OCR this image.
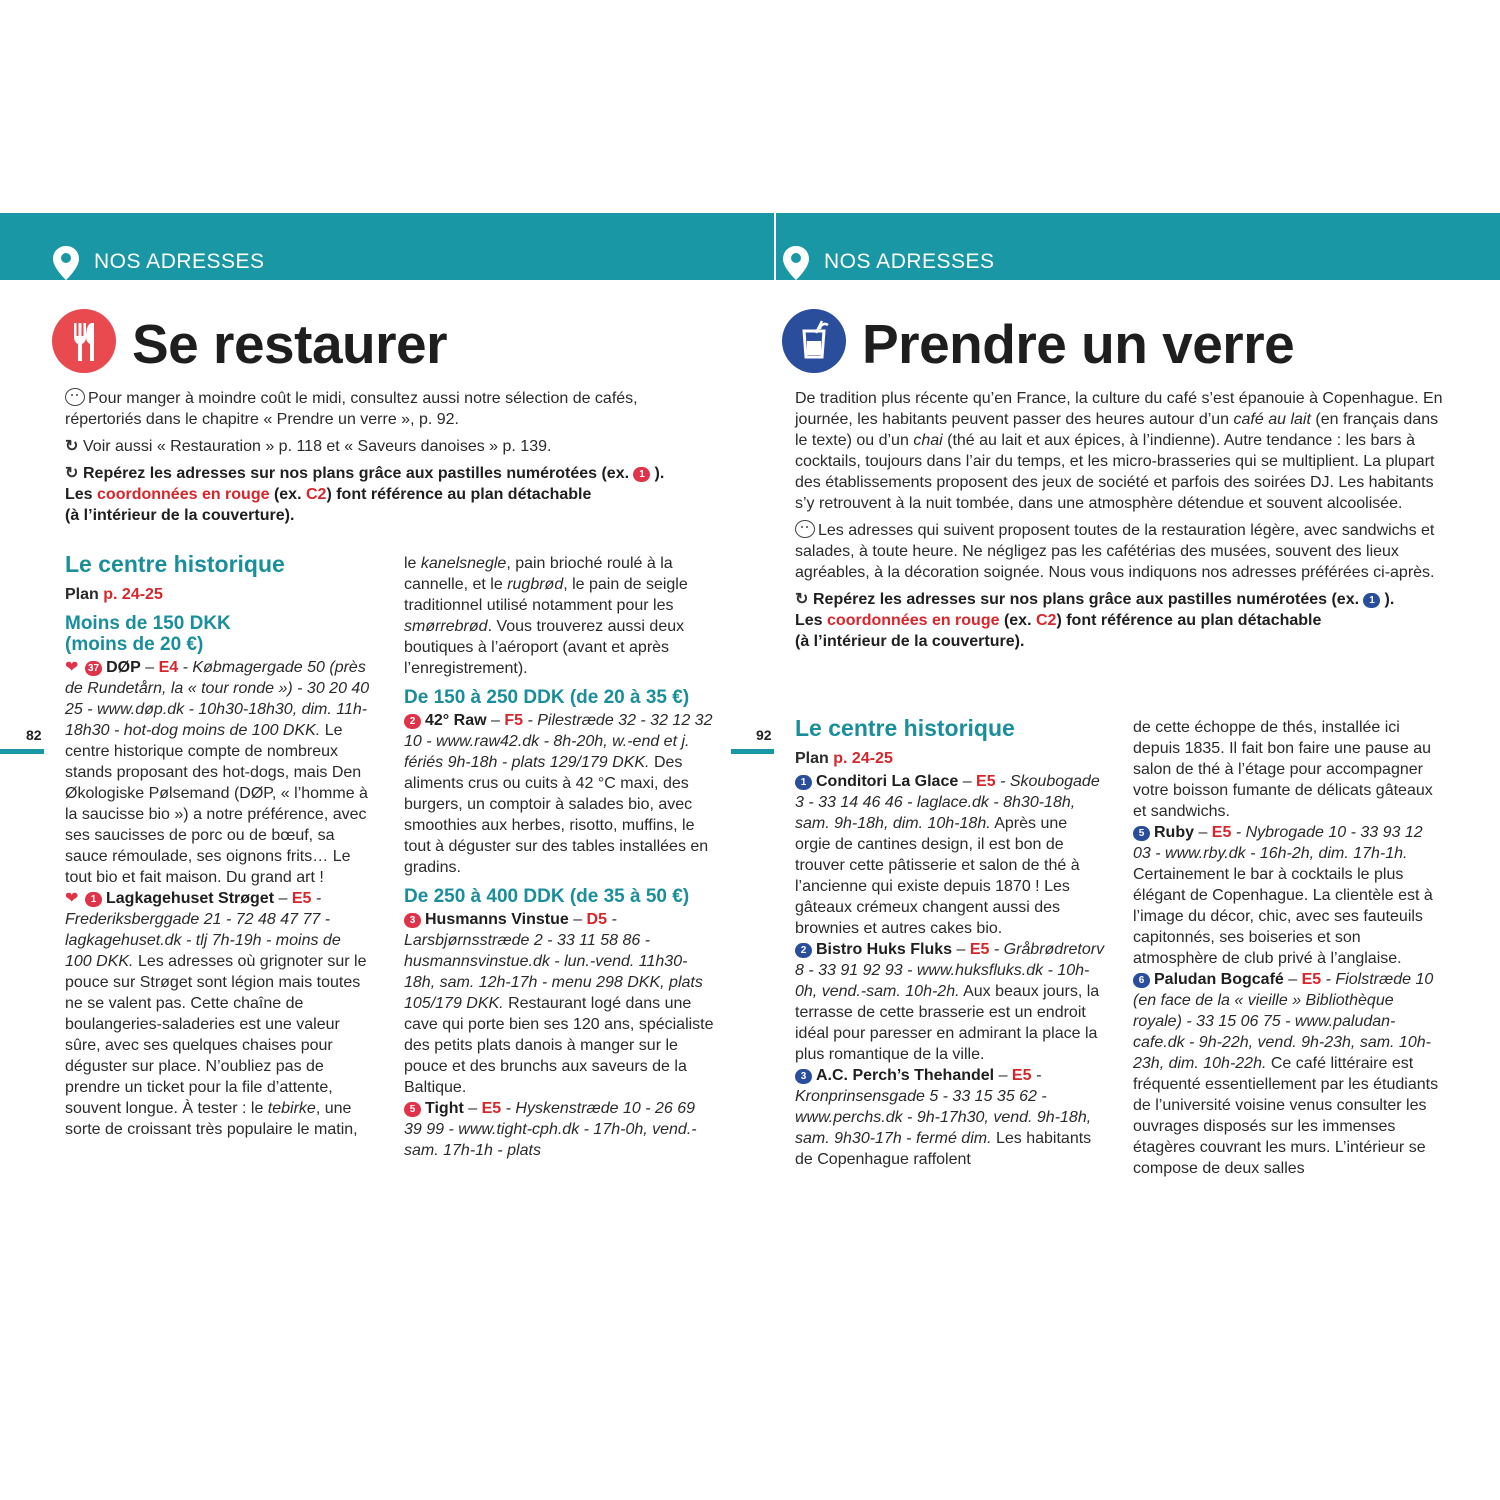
NOS ADRESSES	NOS ADRESSES
Se restaurer	Prendre un verre

Pour manger à moindre coût le midi, consultez aussi notre sélection de cafés, répertoriés dans le chapitre « Prendre un verre », p. 92.

↻ Voir aussi « Restauration » p. 118 et « Saveurs danoises » p. 139.

↻ Repérez les adresses sur nos plans grâce aux pastilles numérotées (ex. 1 ).
Les coordonnées en rouge (ex. C2) font référence au plan détachable
(à l’intérieur de la couverture).

82
Le centre historique
Plan p. 24-25
Moins de 150 DKK
(moins de 20 €)
❤ 37 DØP – E4 - Købmagergade 50 (près de Rundetårn, la « tour ronde ») - 30 20 40 25 - www.døp.dk - 10h30-18h30, dim. 11h-18h30 - hot-dog moins de 100 DKK. Le centre historique compte de nombreux stands proposant des hot-dogs, mais Den Økologiske Pølsemand (DØP, « l’homme à la saucisse bio ») a notre préférence, avec ses saucisses de porc ou de bœuf, sa sauce rémoulade, ses oignons frits… Le tout bio et fait maison. Du grand art !
❤ 1 Lagkagehuset Strøget – E5 - Frederiksberggade 21 - 72 48 47 77 - lagkagehuset.dk - tlj 7h-19h - moins de 100 DKK. Les adresses où grignoter sur le pouce sur Strøget sont légion mais toutes ne se valent pas. Cette chaîne de boulangeries-saladeries est une valeur sûre, avec ses quelques chaises pour déguster sur place. N’oubliez pas de prendre un ticket pour la file d’attente, souvent longue. À tester : le tebirke, une sorte de croissant très populaire le matin,
le kanelsnegle, pain brioché roulé à la cannelle, et le rugbrød, le pain de seigle traditionnel utilisé notamment pour les smørrebrød. Vous trouverez aussi deux boutiques à l’aéroport (avant et après l’enregistrement).
De 150 à 250 DDK (de 20 à 35 €)
2 42° Raw – F5 - Pilestræde 32 - 32 12 32 10 - www.raw42.dk - 8h-20h, w.-end et j. fériés 9h-18h - plats 129/179 DKK. Des aliments crus ou cuits à 42 °C maxi, des burgers, un comptoir à salades bio, avec smoothies aux herbes, risotto, muffins, le tout à déguster sur des tables installées en gradins.
De 250 à 400 DDK (de 35 à 50 €)
3 Husmanns Vinstue – D5 - Larsbjørnsstræde 2 - 33 11 58 86 - husmannsvinstue.dk - lun.-vend. 11h30-18h, sam. 12h-17h - menu 298 DKK, plats 105/179 DKK. Restaurant logé dans une cave qui porte bien ses 120 ans, spécialiste des petits plats danois à manger sur le pouce et des brunchs aux saveurs de la Baltique.
5 Tight – E5 - Hyskenstræde 10 - 26 69 39 99 - www.tight-cph.dk - 17h-0h, vend.-sam. 17h-1h - plats

De tradition plus récente qu’en France, la culture du café s’est épanouie à Copenhague. En journée, les habitants peuvent passer des heures autour d’un café au lait (en français dans le texte) ou d’un chai (thé au lait et aux épices, à l’indienne). Autre tendance : les bars à cocktails, toujours dans l’air du temps, et les micro-brasseries qui se multiplient. La plupart des établissements proposent des jeux de société et parfois des soirées DJ. Les habitants s’y retrouvent à la nuit tombée, dans une atmosphère détendue et souvent alcoolisée.

Les adresses qui suivent proposent toutes de la restauration légère, avec sandwichs et salades, à toute heure. Ne négligez pas les cafétérias des musées, souvent des lieux agréables, à la décoration soignée. Nous vous indiquons nos adresses préférées ci-après.

↻ Repérez les adresses sur nos plans grâce aux pastilles numérotées (ex. 1 ).
Les coordonnées en rouge (ex. C2) font référence au plan détachable
(à l’intérieur de la couverture).

92 Le centre historique
Plan p. 24-25
1 Conditori La Glace – E5 - Skoubogade 3 - 33 14 46 46 - laglace.dk - 8h30-18h, sam. 9h-18h, dim. 10h-18h. Après une orgie de cantines design, il est bon de trouver cette pâtisserie et salon de thé à l’ancienne qui existe depuis 1870 ! Les gâteaux crémeux changent aussi des brownies et autres cakes bio.
2 Bistro Huks Fluks – E5 - Gråbrødretorv 8 - 33 91 92 93 - www.huksfluks.dk - 10h-0h, vend.-sam. 10h-2h. Aux beaux jours, la terrasse de cette brasserie est un endroit idéal pour paresser en admirant la place la plus romantique de la ville.
3 A.C. Perch’s Thehandel – E5 - Kronprinsensgade 5 - 33 15 35 62 - www.perchs.dk - 9h-17h30, vend. 9h-18h, sam. 9h30-17h - fermé dim. Les habitants de Copenhague raffolent
de cette échoppe de thés, installée ici depuis 1835. Il fait bon faire une pause au salon de thé à l’étage pour accompagner votre boisson fumante de délicats gâteaux et sandwichs.
5 Ruby – E5 - Nybrogade 10 - 33 93 12 03 - www.rby.dk - 16h-2h, dim. 17h-1h. Certainement le bar à cocktails le plus élégant de Copenhague. La clientèle est à l’image du décor, chic, avec ses fauteuils capitonnés, ses boiseries et son atmosphère de club privé à l’anglaise.
6 Paludan Bogcafé – E5 - Fiolstræde 10 (en face de la « vieille » Bibliothèque royale) - 33 15 06 75 - www.paludan-cafe.dk - 9h-22h, vend. 9h-23h, sam. 10h-23h, dim. 10h-22h. Ce café littéraire est fréquenté essentiellement par les étudiants de l’université voisine venus consulter les ouvrages disposés sur les immenses étagères couvrant les murs. L’intérieur se compose de deux salles
